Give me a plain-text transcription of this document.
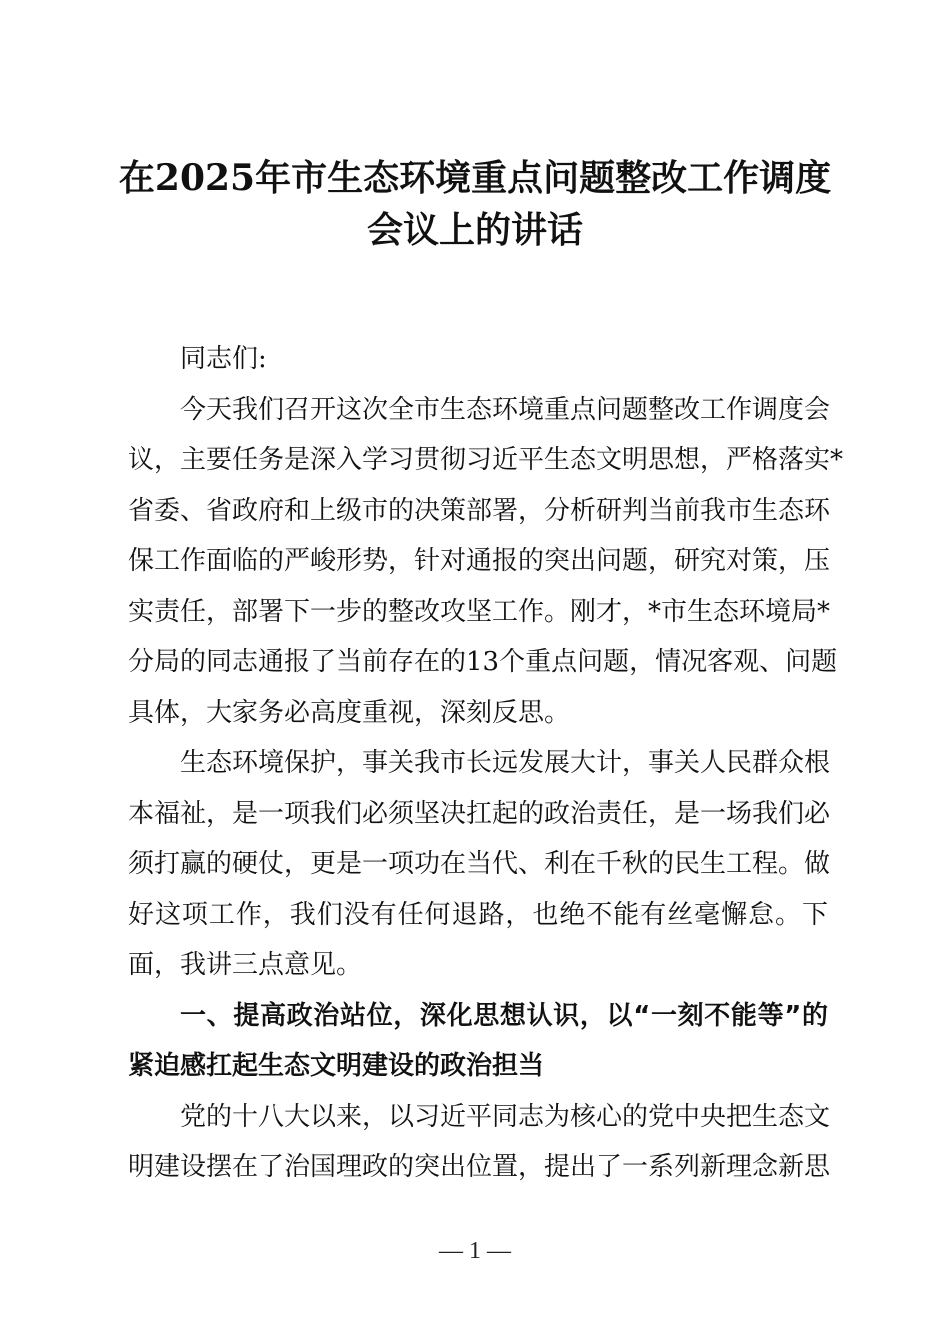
在2025年市生态环境重点问题整改工作调度
会议上的讲话
同志们:
今天我们召开这次全市生态环境重点问题整改工作调度会
议，主要任务是深入学习贯彻习近平生态文明思想，严格落实*
省委、省政府和上级市的决策部署，分析研判当前我市生态环
保工作面临的严峻形势，针对通报的突出问题，研究对策，压
实责任，部署下一步的整改攻坚工作。刚才，*市生态环境局*
分局的同志通报了当前存在的13个重点问题，情况客观、问题
具体，大家务必高度重视，深刻反思。
生态环境保护，事关我市长远发展大计，事关人民群众根
本福祉，是一项我们必须坚决扛起的政治责任，是一场我们必
须打赢的硬仗，更是一项功在当代、利在千秋的民生工程。做
好这项工作，我们没有任何退路，也绝不能有丝毫懈怠。下
面，我讲三点意见。
一、提高政治站位，深化思想认识，以“一刻不能等”的
紧迫感扛起生态文明建设的政治担当
党的十八大以来，以习近平同志为核心的党中央把生态文
明建设摆在了治国理政的突出位置，提出了一系列新理念新思
— 1 —
